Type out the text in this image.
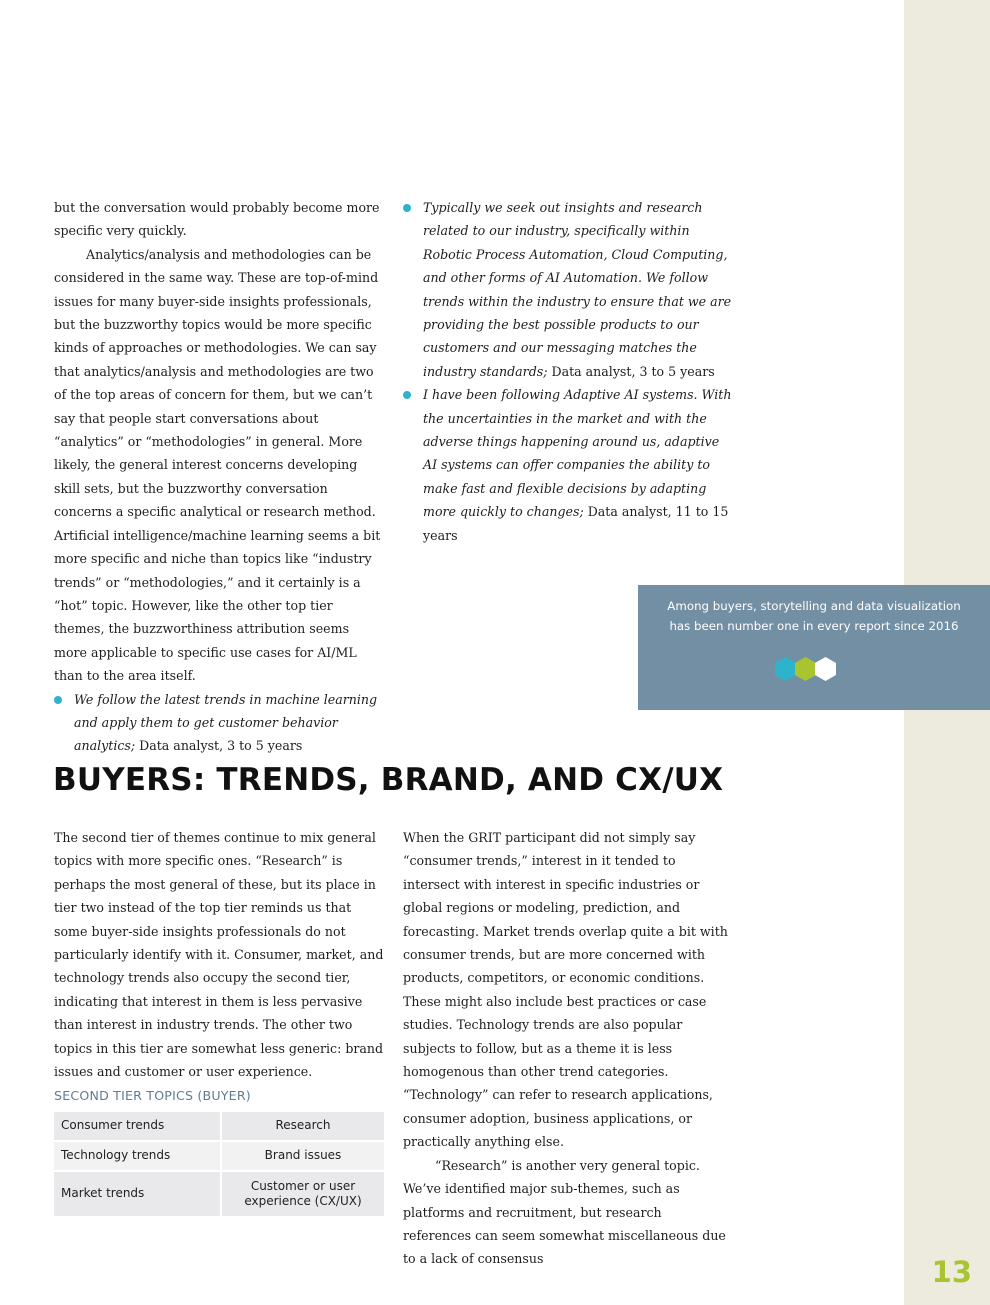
13

but the conversation would probably become more specific very quickly.

Analytics/analysis and methodologies can be considered in the same way. These are top-of-mind issues for many buyer-side insights professionals, but the buzzworthy topics would be more specific kinds of approaches or methodologies. We can say that analytics/analysis and methodologies are two of the top areas of concern for them, but we can’t say that people start conversations about “analytics” or “methodologies” in general. More likely, the general interest concerns developing skill sets, but the buzzworthy conversation concerns a specific analytical or research method.

Artificial intelligence/machine learning seems a bit more specific and niche than topics like “industry trends” or “methodologies,” and it certainly is a “hot” topic. However, like the other top tier themes, the buzzworthiness attribution seems more applicable to specific use cases for AI/ML than to the area itself.

We follow the latest trends in machine learning and apply them to get customer behavior analytics; Data analyst, 3 to 5 years
Typically we seek out insights and research related to our industry, specifically within Robotic Process Automation, Cloud Computing, and other forms of AI Automation. We follow trends within the industry to ensure that we are providing the best possible products to our customers and our messaging matches the industry standards; Data analyst, 3 to 5 years
I have been following Adaptive AI systems. With the uncertainties in the market and with the adverse things happening around us, adaptive AI systems can offer companies the ability to make fast and flexible decisions by adapting more quickly to changes; Data analyst, 11 to 15 years
Among buyers, storytelling and data visualization has been number one in every report since 2016
BUYERS: TRENDS, BRAND, AND CX/UX

The second tier of themes continue to mix general topics with more specific ones. “Research” is perhaps the most general of these, but its place in tier two instead of the top tier reminds us that some buyer-side insights professionals do not particularly identify with it. Consumer, market, and technology trends also occupy the second tier, indicating that interest in them is less pervasive than interest in industry trends. The other two topics in this tier are somewhat less generic: brand issues and customer or user experience.

SECOND TIER TOPICS (BUYER)
Consumer trends	Research
Technology trends	Brand issues
Market trends	Customer or user experience (CX/UX)

When the GRIT participant did not simply say “consumer trends,” interest in it tended to intersect with interest in specific industries or global regions or modeling, prediction, and forecasting. Market trends overlap quite a bit with consumer trends, but are more concerned with products, competitors, or economic conditions. These might also include best practices or case studies. Technology trends are also popular subjects to follow, but as a theme it is less homogenous than other trend categories. “Technology” can refer to research applications, consumer adoption, business applications, or practically anything else.

“Research” is another very general topic. We’ve identified major sub-themes, such as platforms and recruitment, but research references can seem somewhat miscellaneous due to a lack of consensus
